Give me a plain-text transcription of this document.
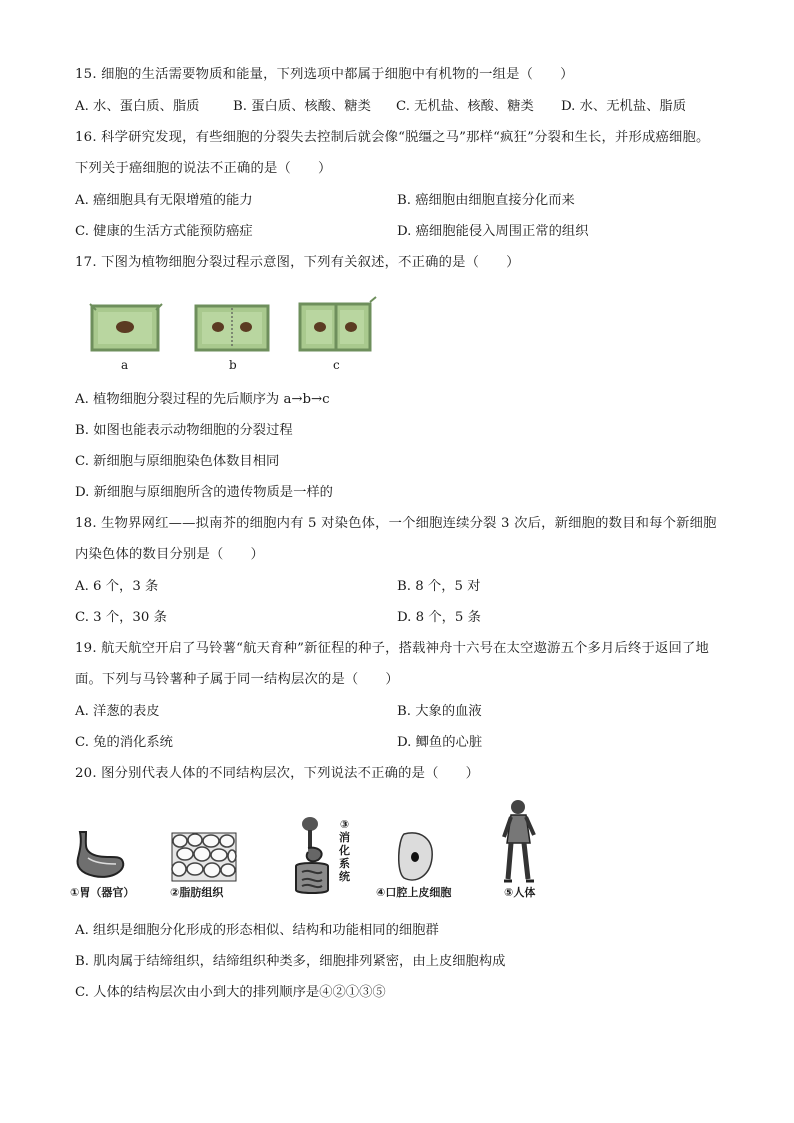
15. 细胞的生活需要物质和能量，下列选项中都属于细胞中有机物的一组是（　　）
A. 水、蛋白质、脂质	B. 蛋白质、核酸、糖类 C. 无机盐、核酸、糖类 D. 水、无机盐、脂质
16. 科学研究发现，有些细胞的分裂失去控制后就会像“脱缰之马”那样“疯狂”分裂和生长，并形成癌细胞。
下列关于癌细胞的说法不正确的是（　　）
A. 癌细胞具有无限增殖的能力	B. 癌细胞由细胞直接分化而来
C. 健康的生活方式能预防癌症	D. 癌细胞能侵入周围正常的组织
17. 下图为植物细胞分裂过程示意图，下列有关叙述，不正确的是（　　）
a	b	c
A. 植物细胞分裂过程的先后顺序为 a→b→c
B. 如图也能表示动物细胞的分裂过程
C. 新细胞与原细胞染色体数目相同
D. 新细胞与原细胞所含的遗传物质是一样的
18. 生物界网红——拟南芥的细胞内有 5 对染色体，一个细胞连续分裂 3 次后，新细胞的数目和每个新细胞
内染色体的数目分别是（　　）
A. 6 个，3 条	B. 8 个，5 对
C. 3 个，30 条	D. 8 个，5 条
19. 航天航空开启了马铃薯“航天育种”新征程的种子，搭载神舟十六号在太空遨游五个多月后终于返回了地
面。下列与马铃薯种子属于同一结构层次的是（　　）
A. 洋葱的表皮	B. 大象的血液
C. 兔的消化系统	D. 鲫鱼的心脏
20. 图分别代表人体的不同结构层次，下列说法不正确的是（　　）
①胃（器官）	②脂肪组织
③消化系统
④口腔上皮细胞	⑤人体
A. 组织是细胞分化形成的形态相似、结构和功能相同的细胞群
B. 肌肉属于结缔组织，结缔组织种类多，细胞排列紧密，由上皮细胞构成
C. 人体的结构层次由小到大的排列顺序是④②①③⑤
